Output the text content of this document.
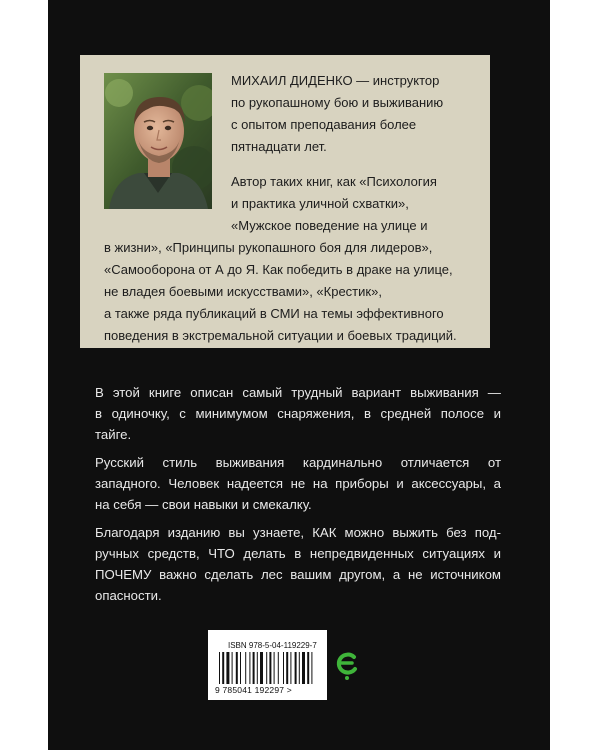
МИХАИЛ ДИДЕНКО — инструктор
по рукопашному бою и выживанию
с опытом преподавания более
пятнадцати лет.
Автор таких книг, как «Психология
и практика уличной схватки»,
«Мужское поведение на улице и
в жизни», «Принципы рукопашного боя для лидеров»,
«Самооборона от А до Я. Как победить в драке на улице,
не владея боевыми искусствами», «Крестик»,
а также ряда публикаций в СМИ на темы эффективного
поведения в экстремальной ситуации и боевых традиций.
В этой книге описан самый трудный вариант выживания —
в одиночку, с минимумом снаряжения, в средней полосе и
тайге.
Русский стиль выживания кардинально отличается от
западного. Человек надеется не на приборы и аксессуары, а
на себя — свои навыки и смекалку.
Благодаря изданию вы узнаете, КАК можно выжить без под-
ручных средств, ЧТО делать в непредвиденных ситуациях и
ПОЧЕМУ важно сделать лес вашим другом, а не источником
опасности.
ISBN 978-5-04-119229-7
9 785041 192297 >
